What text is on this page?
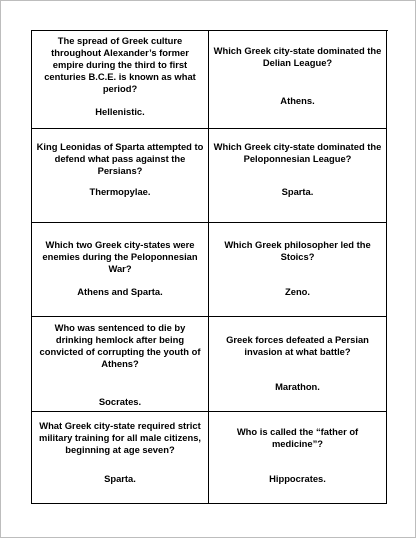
The spread of Greek culture throughout Alexander’s former empire during the third to first centuries B.C.E. is known as what period?
Hellenistic.
Which Greek city-state dominated the Delian League?
Athens.
King Leonidas of Sparta attempted to defend what pass against the Persians?
Thermopylae.
Which Greek city-state dominated the Peloponnesian League?
Sparta.
Which two Greek city-states were enemies during the Peloponnesian War?
Athens and Sparta.
Which Greek philosopher led the Stoics?
Zeno.
Who was sentenced to die by drinking hemlock after being convicted of corrupting the youth of Athens?
Socrates.
Greek forces defeated a Persian invasion at what battle?
Marathon.
What Greek city-state required strict military training for all male citizens, beginning at age seven?
Sparta.
Who is called the “father of medicine”?
Hippocrates.
